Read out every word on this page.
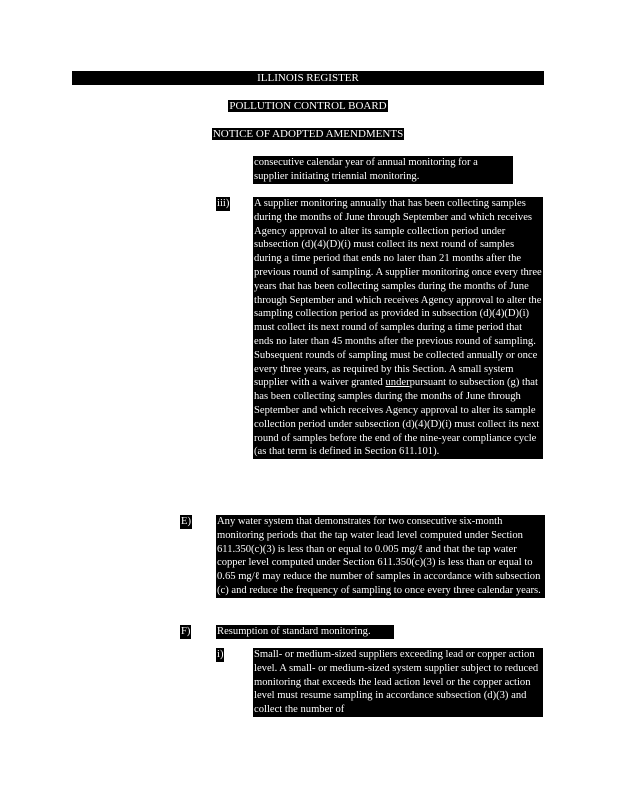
ILLINOIS REGISTER
POLLUTION CONTROL BOARD
NOTICE OF ADOPTED AMENDMENTS
consecutive calendar year of annual monitoring for a supplier initiating triennial monitoring.
iii) A supplier monitoring annually that has been collecting samples during the months of June through September and which receives Agency approval to alter its sample collection period under subsection (d)(4)(D)(i) must collect its next round of samples during a time period that ends no later than 21 months after the previous round of sampling. A supplier monitoring once every three years that has been collecting samples during the months of June through September and which receives Agency approval to alter the sampling collection period as provided in subsection (d)(4)(D)(i) must collect its next round of samples during a time period that ends no later than 45 months after the previous round of sampling. Subsequent rounds of sampling must be collected annually or once every three years, as required by this Section. A small system supplier with a waiver granted underpursuant to subsection (g) that has been collecting samples during the months of June through September and which receives Agency approval to alter its sample collection period under subsection (d)(4)(D)(i) must collect its next round of samples before the end of the nine-year compliance cycle (as that term is defined in Section 611.101).
E) Any water system that demonstrates for two consecutive six-month monitoring periods that the tap water lead level computed under Section 611.350(c)(3) is less than or equal to 0.005 mg/ℓ and that the tap water copper level computed under Section 611.350(c)(3) is less than or equal to 0.65 mg/ℓ may reduce the number of samples in accordance with subsection (c) and reduce the frequency of sampling to once every three calendar years.
F)	Resumption of standard monitoring.
i)	Small- or medium-sized suppliers exceeding lead or copper action level. A small- or medium-sized system supplier subject to reduced monitoring that exceeds the lead action level or the copper action level must resume sampling in accordance subsection (d)(3) and collect the number of
